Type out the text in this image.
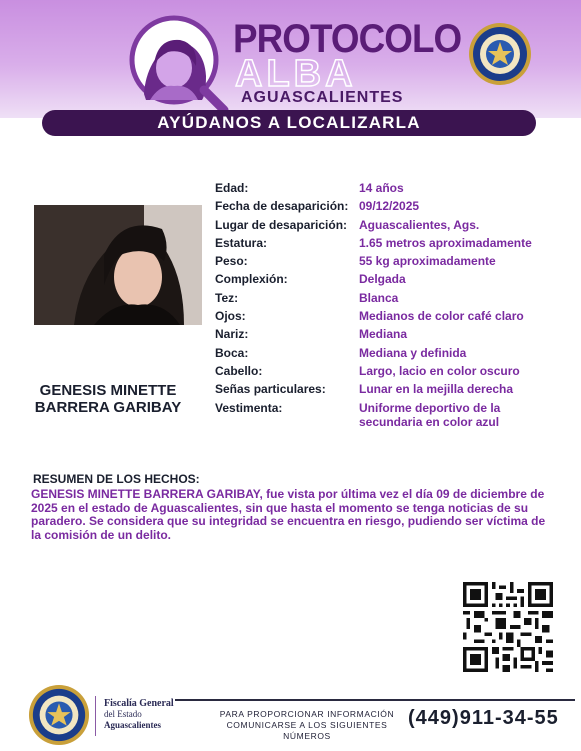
PROTOCOLO
ALBA
AGUASCALIENTES
AYÚDANOS A LOCALIZARLA
GENESIS MINETTE
BARRERA GARIBAY
Edad:	14 años
Fecha de desaparición: 09/12/2025
Lugar de desaparición: Aguascalientes, Ags.
Estatura:	1.65 metros aproximadamente
Peso:	55 kg aproximadamente
Complexión:	Delgada
Tez:	Blanca
Ojos:	Medianos de color café claro
Nariz:	Mediana
Boca:	Mediana y definida
Cabello:	Largo, lacio en color oscuro
Señas particulares:	Lunar en la mejilla derecha
Vestimenta:	Uniforme deportivo de la secundaria en color azul
RESUMEN DE LOS HECHOS:

GENESIS MINETTE BARRERA GARIBAY, fue vista por última vez el día 09 de diciembre de 2025 en el estado de Aguascalientes, sin que hasta el momento se tenga noticias de su paradero. Se considera que su integridad se encuentra en riesgo, pudiendo ser víctima de la comisión de un delito.

Fiscalía General
del Estado
Aguascalientes
PARA PROPORCIONAR INFORMACIÓN
COMUNICARSE A LOS SIGUIENTES NÚMEROS
(449)911-34-55
